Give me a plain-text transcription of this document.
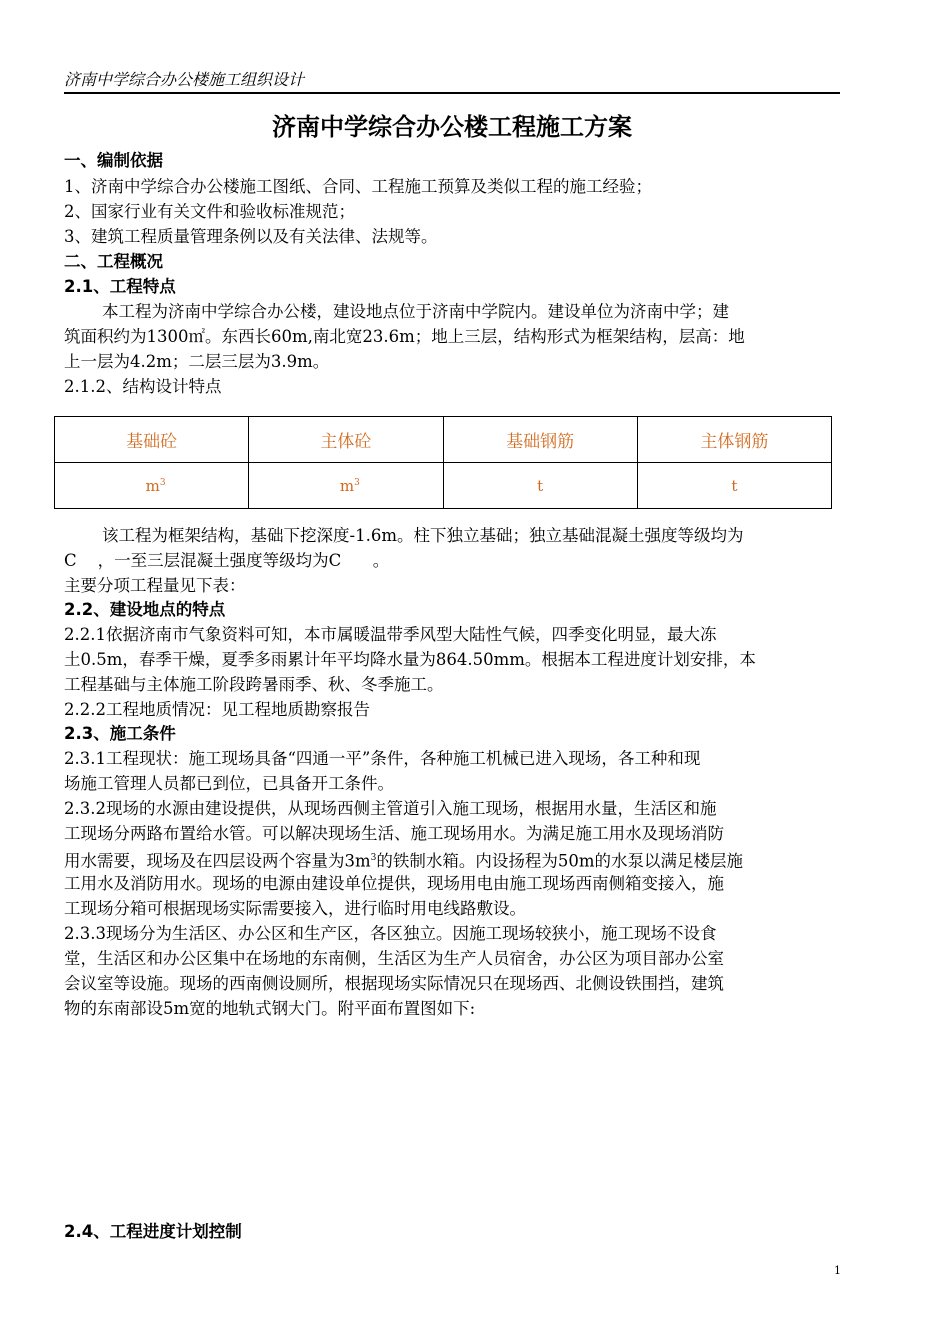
济南中学综合办公楼施工组织设计
济南中学综合办公楼工程施工方案
一、编制依据
1、济南中学综合办公楼施工图纸、合同、工程施工预算及类似工程的施工经验；
2、国家行业有关文件和验收标准规范；
3、建筑工程质量管理条例以及有关法律、法规等。
二、工程概况
2.1、工程特点
本工程为济南中学综合办公楼，建设地点位于济南中学院内。建设单位为济南中学；建
筑面积约为1300㎡。东西长60m,南北宽23.6m；地上三层，结构形式为框架结构，层高：地
上一层为4.2m；二层三层为3.9m。
2.1.2、结构设计特点
基础砼	主体砼	基础钢筋	主体钢筋
$m^3$	$m^3$	t	t
该工程为框架结构，基础下挖深度-1.6m。柱下独立基础；独立基础混凝土强度等级均为
C    ，一至三层混凝土强度等级均为C      。
主要分项工程量见下表：
2.2、建设地点的特点
2.2.1依据济南市气象资料可知，本市属暖温带季风型大陆性气候，四季变化明显，最大冻
土0.5m，春季干燥，夏季多雨累计年平均降水量为864.50mm。根据本工程进度计划安排，本
工程基础与主体施工阶段跨暑雨季、秋、冬季施工。
2.2.2工程地质情况：见工程地质勘察报告
2.3、施工条件
2.3.1工程现状：施工现场具备“四通一平”条件，各种施工机械已进入现场，各工种和现
场施工管理人员都已到位，已具备开工条件。
2.3.2现场的水源由建设提供，从现场西侧主管道引入施工现场，根据用水量，生活区和施
工现场分两路布置给水管。可以解决现场生活、施工现场用水。为满足施工用水及现场消防
用水需要，现场及在四层设两个容量为$3m^3$的铁制水箱。内设扬程为50m的水泵以满足楼层施
工用水及消防用水。现场的电源由建设单位提供，现场用电由施工现场西南侧箱变接入，施
工现场分箱可根据现场实际需要接入，进行临时用电线路敷设。
2.3.3现场分为生活区、办公区和生产区，各区独立。因施工现场较狭小，施工现场不设食
堂，生活区和办公区集中在场地的东南侧，生活区为生产人员宿舍，办公区为项目部办公室
会议室等设施。现场的西南侧设厕所，根据现场实际情况只在现场西、北侧设铁围挡，建筑
物的东南部设5m宽的地轨式钢大门。附平面布置图如下:
2.4、工程进度计划控制
1
